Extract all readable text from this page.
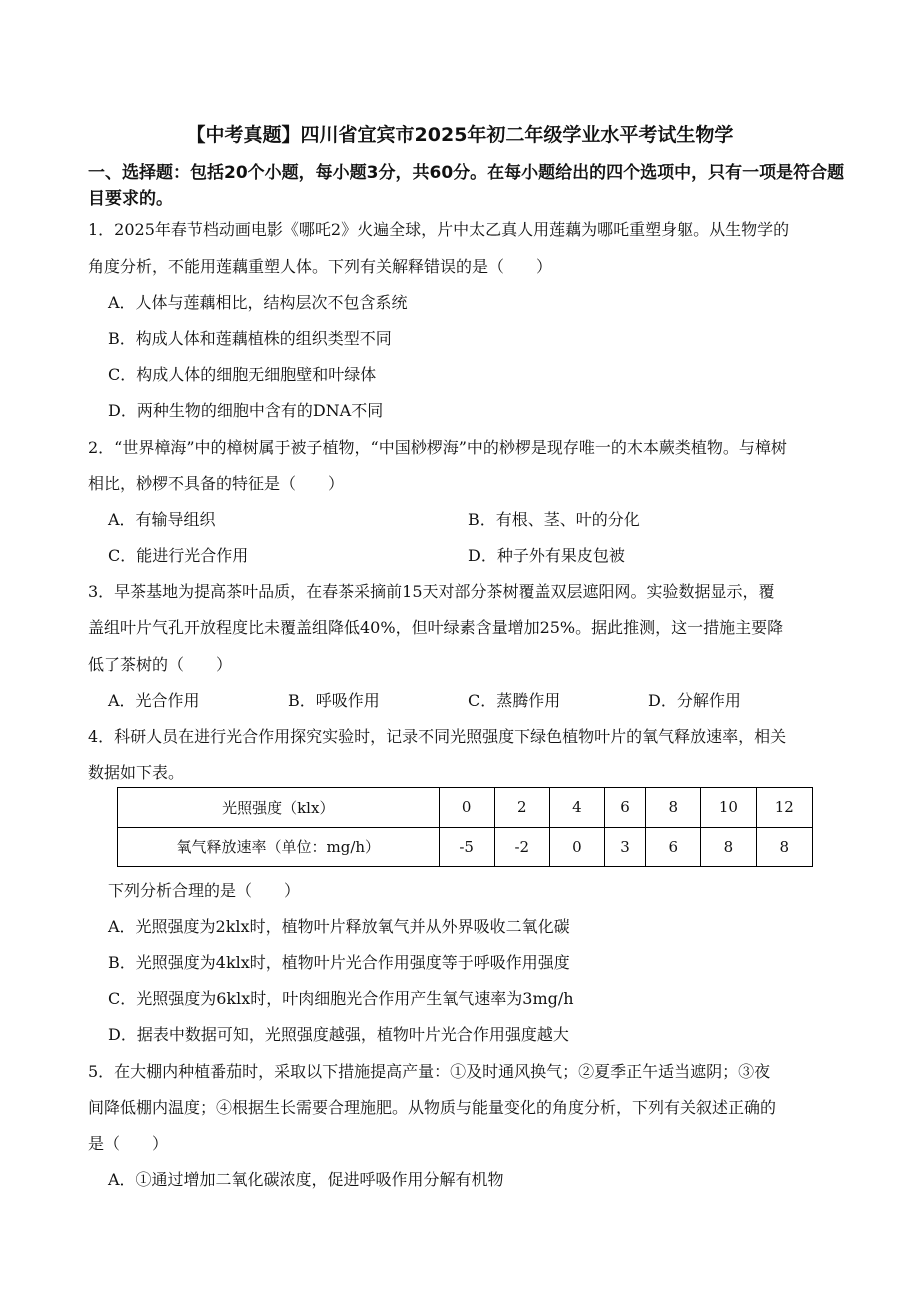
【中考真题】四川省宜宾市2025年初二年级学业水平考试生物学
一、选择题：包括20个小题，每小题3分，共60分。在每小题给出的四个选项中，只有一项是符合题目要求的。
1．2025年春节档动画电影《哪吒2》火遍全球，片中太乙真人用莲藕为哪吒重塑身躯。从生物学的
角度分析，不能用莲藕重塑人体。下列有关解释错误的是（　　）
A．人体与莲藕相比，结构层次不包含系统
B．构成人体和莲藕植株的组织类型不同
C．构成人体的细胞无细胞壁和叶绿体
D．两种生物的细胞中含有的DNA不同
2．“世界樟海”中的樟树属于被子植物，“中国桫椤海”中的桫椤是现存唯一的木本蕨类植物。与樟树
相比，桫椤不具备的特征是（　　）
A．有输导组织	B．有根、茎、叶的分化
C．能进行光合作用	D．种子外有果皮包被
3．早茶基地为提高茶叶品质，在春茶采摘前15天对部分茶树覆盖双层遮阳网。实验数据显示，覆
盖组叶片气孔开放程度比未覆盖组降低40%，但叶绿素含量增加25%。据此推测，这一措施主要降
低了茶树的（　　）
A．光合作用	B．呼吸作用	C．蒸腾作用	D．分解作用
4．科研人员在进行光合作用探究实验时，记录不同光照强度下绿色植物叶片的氧气释放速率，相关
数据如下表。
光照强度（klx）	0	2	4	6	8	10	12
氧气释放速率（单位：mg/h）	-5	-2	0	3	6	8	8
下列分析合理的是（　　）
A．光照强度为2klx时，植物叶片释放氧气并从外界吸收二氧化碳
B．光照强度为4klx时，植物叶片光合作用强度等于呼吸作用强度
C．光照强度为6klx时，叶肉细胞光合作用产生氧气速率为3mg/h
D．据表中数据可知，光照强度越强，植物叶片光合作用强度越大
5．在大棚内种植番茄时，采取以下措施提高产量：①及时通风换气；②夏季正午适当遮阴；③夜
间降低棚内温度；④根据生长需要合理施肥。从物质与能量变化的角度分析，下列有关叙述正确的
是（　　）
A．①通过增加二氧化碳浓度，促进呼吸作用分解有机物
